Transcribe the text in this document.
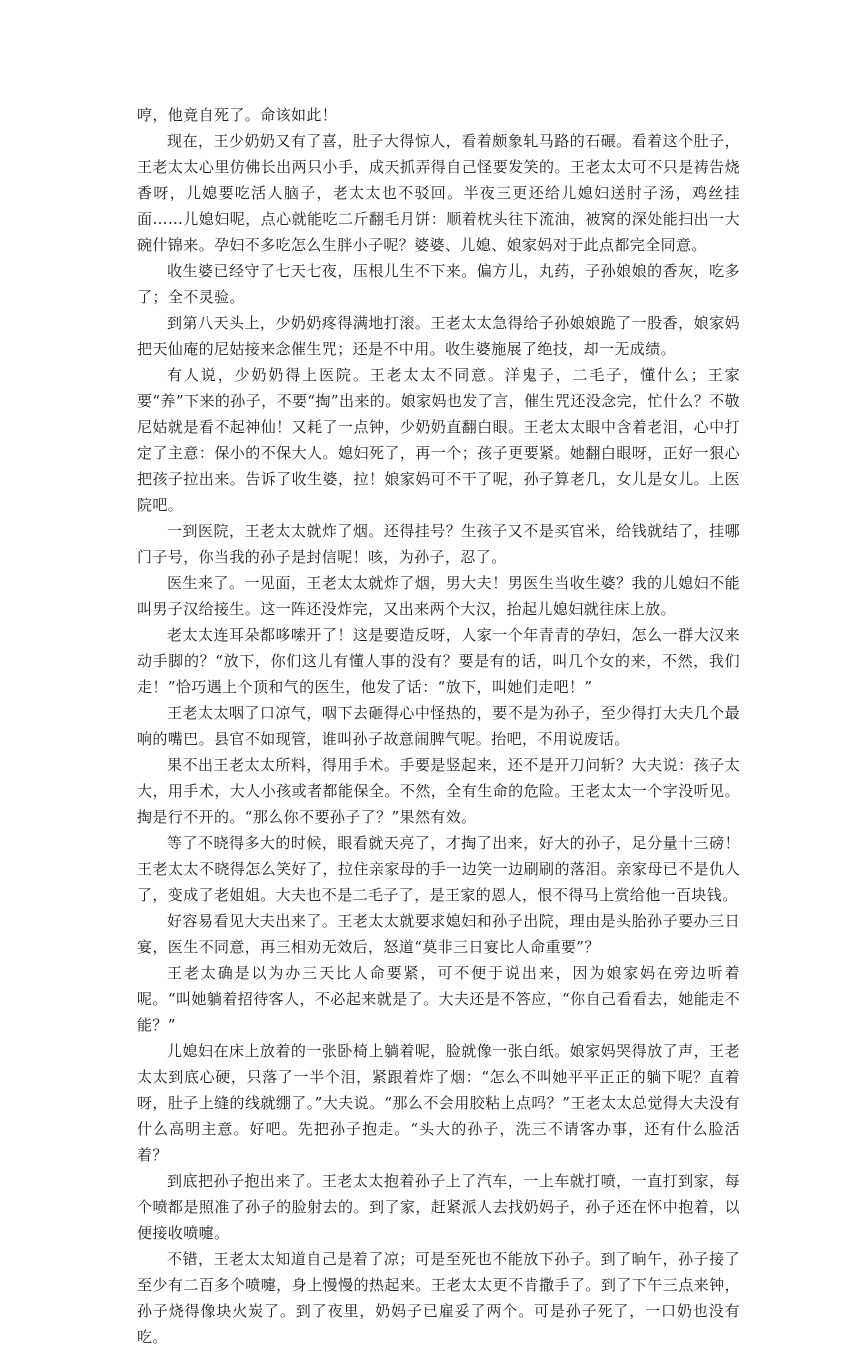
哼，他竟自死了。命该如此！

现在，王少奶奶又有了喜，肚子大得惊人，看着颇象轧马路的石碾。看着这个肚子，王老太太心里仿佛长出两只小手，成天抓弄得自己怪要发笑的。王老太太可不只是祷告烧香呀，儿媳要吃活人脑子，老太太也不驳回。半夜三更还给儿媳妇送肘子汤，鸡丝挂面……儿媳妇呢，点心就能吃二斤翻毛月饼：顺着枕头往下流油，被窝的深处能扫出一大碗什锦来。孕妇不多吃怎么生胖小子呢？婆婆、儿媳、娘家妈对于此点都完全同意。

收生婆已经守了七天七夜，压根儿生不下来。偏方儿，丸药，子孙娘娘的香灰，吃多了；全不灵验。

到第八天头上，少奶奶疼得满地打滚。王老太太急得给子孙娘娘跪了一股香，娘家妈把天仙庵的尼姑接来念催生咒；还是不中用。收生婆施展了绝技，却一无成绩。

有人说，少奶奶得上医院。王老太太不同意。洋鬼子，二毛子，懂什么；王家要“养”下来的孙子，不要“掏”出来的。娘家妈也发了言，催生咒还没念完，忙什么？不敬尼姑就是看不起神仙！又耗了一点钟，少奶奶直翻白眼。王老太太眼中含着老泪，心中打定了主意：保小的不保大人。媳妇死了，再一个；孩子更要紧。她翻白眼呀，正好一狠心把孩子拉出来。告诉了收生婆，拉！娘家妈可不干了呢，孙子算老几，女儿是女儿。上医院吧。

一到医院，王老太太就炸了烟。还得挂号？生孩子又不是买官米，给钱就结了，挂哪门子号，你当我的孙子是封信呢！咳，为孙子，忍了。

医生来了。一见面，王老太太就炸了烟，男大夫！男医生当收生婆？我的儿媳妇不能叫男子汉给接生。这一阵还没炸完，又出来两个大汉，抬起儿媳妇就往床上放。

老太太连耳朵都哆嗦开了！这是要造反呀，人家一个年青青的孕妇，怎么一群大汉来动手脚的？“放下，你们这儿有懂人事的没有？要是有的话，叫几个女的来，不然，我们走！”恰巧遇上个顶和气的医生，他发了话：“放下，叫她们走吧！”

王老太太咽了口凉气，咽下去砸得心中怪热的，要不是为孙子，至少得打大夫几个最响的嘴巴。县官不如现管，谁叫孙子故意闹脾气呢。抬吧，不用说废话。

果不出王老太太所料，得用手术。手要是竖起来，还不是开刀问斩？大夫说：孩子太大，用手术，大人小孩或者都能保全。不然，全有生命的危险。王老太太一个字没听见。掏是行不开的。“那么你不要孙子了？”果然有效。

等了不晓得多大的时候，眼看就天亮了，才掏了出来，好大的孙子，足分量十三磅！王老太太不晓得怎么笑好了，拉住亲家母的手一边笑一边刷刷的落泪。亲家母已不是仇人了，变成了老姐姐。大夫也不是二毛子了，是王家的恩人，恨不得马上赏给他一百块钱。

好容易看见大夫出来了。王老太太就要求媳妇和孙子出院，理由是头胎孙子要办三日宴，医生不同意，再三相劝无效后，怒道“莫非三日宴比人命重要”？

王老太确是以为办三天比人命要紧，可不便于说出来，因为娘家妈在旁边听着呢。“叫她躺着招待客人，不必起来就是了。大夫还是不答应，“你自己看看去，她能走不能？”

儿媳妇在床上放着的一张卧椅上躺着呢，脸就像一张白纸。娘家妈哭得放了声，王老太太到底心硬，只落了一半个泪，紧跟着炸了烟：“怎么不叫她平平正正的躺下呢？直着呀，肚子上缝的线就绷了。”大夫说。“那么不会用胶粘上点吗？”王老太太总觉得大夫没有什么高明主意。好吧。先把孙子抱走。“头大的孙子，洗三不请客办事，还有什么脸活着？

到底把孙子抱出来了。王老太太抱着孙子上了汽车，一上车就打喷，一直打到家，每个喷都是照准了孙子的脸射去的。到了家，赶紧派人去找奶妈子，孙子还在怀中抱着，以便接收喷嚏。

不错，王老太太知道自己是着了凉；可是至死也不能放下孙子。到了晌午，孙子接了至少有二百多个喷嚏，身上慢慢的热起来。王老太太更不肯撒手了。到了下午三点来钟，孙子烧得像块火炭了。到了夜里，奶妈子已雇妥了两个。可是孙子死了，一口奶也没有吃。
